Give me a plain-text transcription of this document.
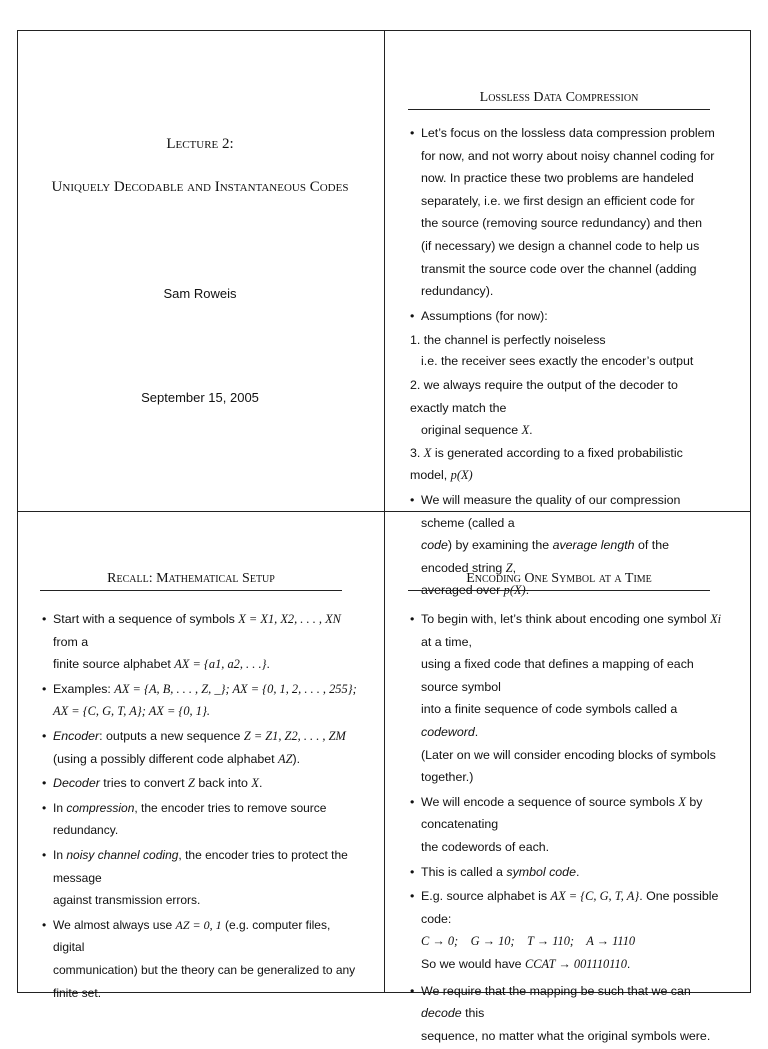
Lecture 2:
Uniquely Decodable and Instantaneous Codes
Sam Roweis
September 15, 2005
Lossless Data Compression
• Let’s focus on the lossless data compression problem for now, and not worry about noisy channel coding for now. In practice these two problems are handeled separately, i.e. we first design an efficient code for the source (removing source redundancy) and then (if necessary) we design a channel code to help us transmit the source code over the channel (adding redundancy).
• Assumptions (for now):
1. the channel is perfectly noiseless
i.e. the receiver sees exactly the encoder’s output
2. we always require the output of the decoder to exactly match the
original sequence X.
3. X is generated according to a fixed probabilistic model, p(X)
• We will measure the quality of our compression scheme (called a
code) by examining the average length of the encoded string Z,
averaged over p(X).
Recall: Mathematical Setup
• Start with a sequence of symbols X = X1, X2, . . . , XN from a
finite source alphabet AX = {a1, a2, . . .}.
• Examples: AX = {A, B, . . . , Z, _}; AX = {0, 1, 2, . . . , 255};
AX = {C, G, T, A}; AX = {0, 1}.
• Encoder: outputs a new sequence Z = Z1, Z2, . . . , ZM
(using a possibly different code alphabet AZ).
• Decoder tries to convert Z back into X.
• In compression, the encoder tries to remove source redundancy.
• In noisy channel coding, the encoder tries to protect the message
against transmission errors.
• We almost always use AZ = 0, 1 (e.g. computer files, digital
communication) but the theory can be generalized to any finite set.
Encoding One Symbol at a Time
• To begin with, let’s think about encoding one symbol Xi at a time,
using a fixed code that defines a mapping of each source symbol
into a finite sequence of code symbols called a codeword.
(Later on we will consider encoding blocks of symbols together.)
• We will encode a sequence of source symbols X by concatenating
the codewords of each.
• This is called a symbol code.
• E.g. source alphabet is AX = {C, G, T, A}. One possible code:
C → 0;    G → 10;    T → 110;    A → 1110
So we would have CCAT → 001110110.
• We require that the mapping be such that we can decode this
sequence, no matter what the original symbols were.
